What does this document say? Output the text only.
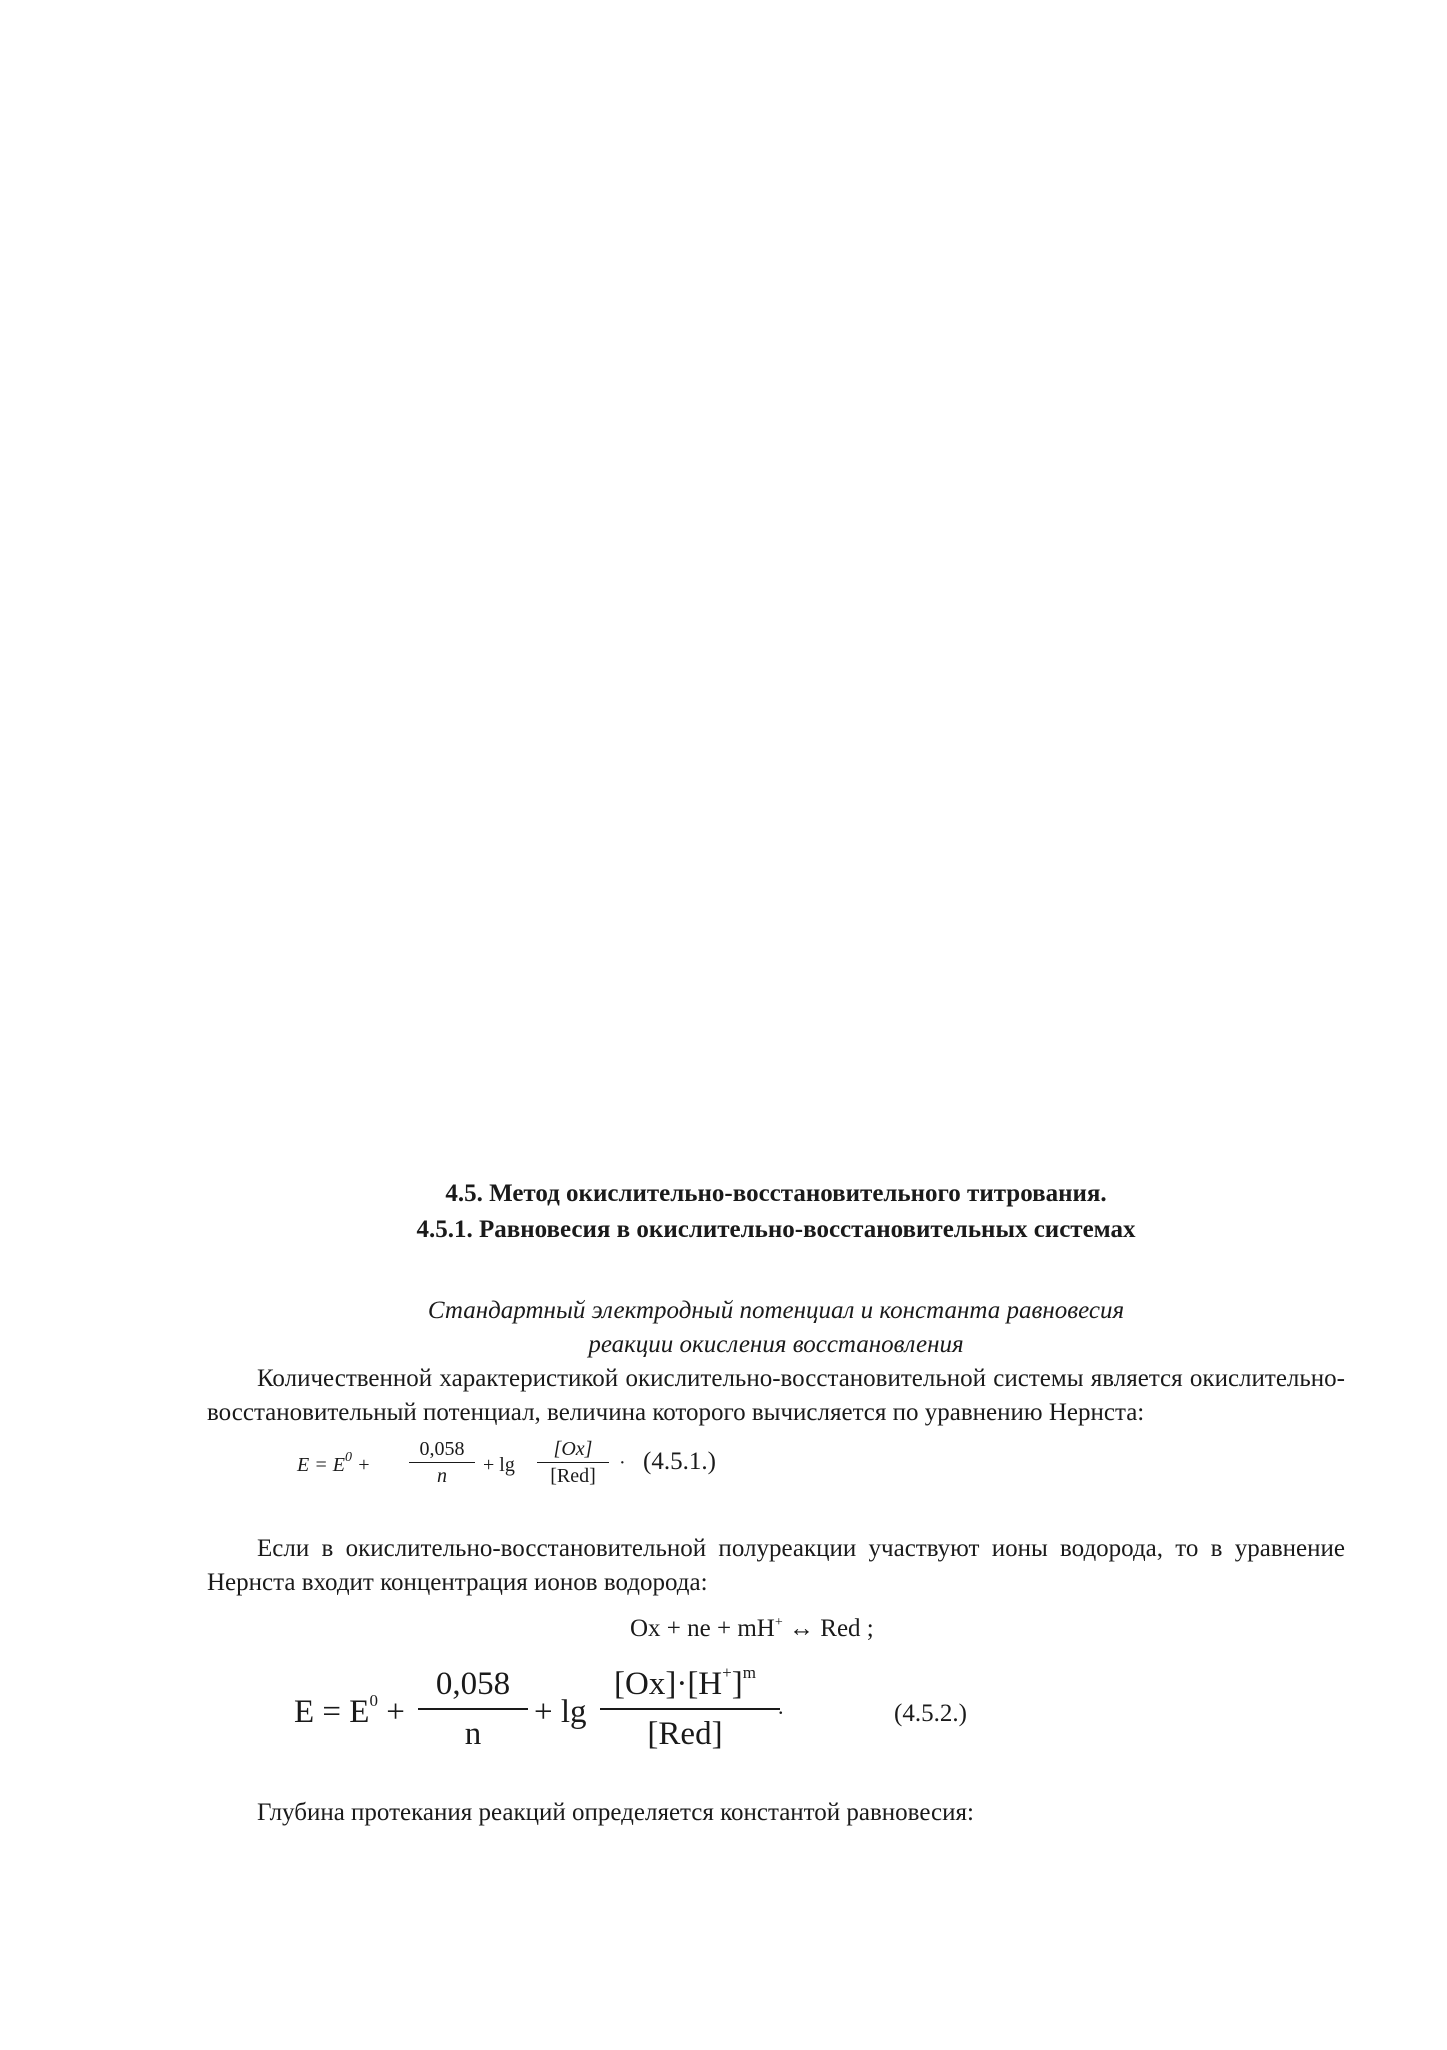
4.5. Метод окислительно-восстановительного титрования.

4.5.1. Равновесия в окислительно-восстановительных системах

Стандартный электродный потенциал и константа равновесия

реакции окисления восстановления

Количественной характеристикой окислительно-восстановительной системы является окислительно-восстановительный потенциал, величина которого вычисляется по уравнению Нернста:

$E = E^0$ +
0,058
n	+ lg
[Ox]
[Red]
· (4.5.1.)

Если в окислительно-восстановительной полуреакции участвуют ионы водорода, то в уравнение Нернста входит концентрация ионов водорода:

Ox + ne + mH+ ↔ Red ;
$E = E^0$ +
0,058
n
+ lg
$[Ox]\cdot[H^+]^m$
[Red]
.	(4.5.2.)

Глубина протекания реакций определяется константой равновесия:
